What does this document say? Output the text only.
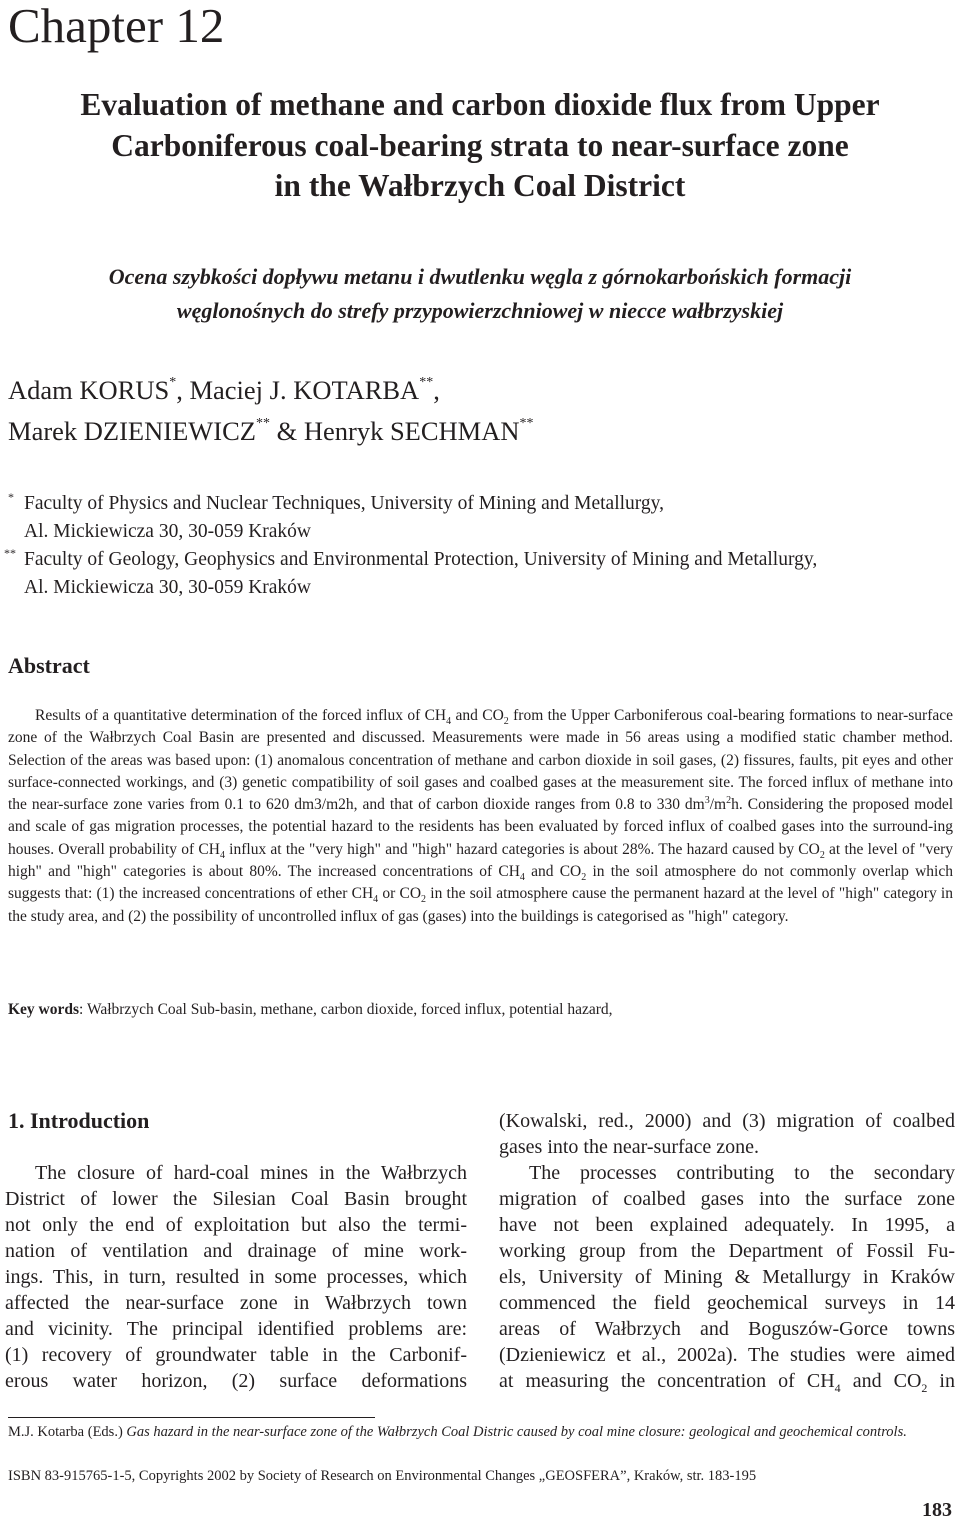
Chapter 12
Evaluation of methane and carbon dioxide flux from Upper
Carboniferous coal-bearing strata to near-surface zone
in the Wałbrzych Coal District
Ocena szybkości dopływu metanu i dwutlenku węgla z górnokarbońskich formacji
węglonośnych do strefy przypowierzchniowej w niecce wałbrzyskiej
Adam KORUS*, Maciej J. KOTARBA**,
Marek DZIENIEWICZ** & Henryk SECHMAN**
* Faculty of Physics and Nuclear Techniques, University of Mining and Metallurgy,
Al. Mickiewicza 30, 30-059 Kraków
** Faculty of Geology, Geophysics and Environmental Protection, University of Mining and Metallurgy,
Al. Mickiewicza 30, 30-059 Kraków
Abstract

Results of a quantitative determination of the forced influx of $CH_4$ and $CO_2$ from the Upper Carboniferous coal-bearing formations to near-surface zone of the Wałbrzych Coal Basin are presented and discussed. Measurements were made in 56 areas using a modified static chamber method. Selection of the areas was based upon: (1) anomalous concentration of methane and carbon dioxide in soil gases, (2) fissures, faults, pit eyes and other surface-connected workings, and (3) genetic compatibility of soil gases and coalbed gases at the measurement site. The forced influx of methane into the near-surface zone varies from 0.1 to 620 dm3/m2h, and that of carbon dioxide ranges from 0.8 to 330 $dm^3/m^2h$. Considering the proposed model and scale of gas migration processes, the potential hazard to the residents has been evaluated by forced influx of coalbed gases into the surround-ing houses. Overall probability of $CH_4$ influx at the "very high" and "high" hazard categories is about 28%. The hazard caused by $CO_2$ at the level of "very high" and "high" categories is about 80%. The increased concentrations of $CH_4$ and $CO_2$ in the soil atmosphere do not commonly overlap which suggests that: (1) the increased concentrations of ether $CH_4$ or $CO_2$ in the soil atmosphere cause the permanent hazard at the level of "high" category in the study area, and (2) the possibility of uncontrolled influx of gas (gases) into the buildings is categorised as "high" category.

Key words: Wałbrzych Coal Sub-basin, methane, carbon dioxide, forced influx, potential hazard,
1. Introduction
The closure of hard-coal mines in the Wałbrzych
District of lower the Silesian Coal Basin brought
not only the end of exploitation but also the termi-
nation of ventilation and drainage of mine work-
ings. This, in turn, resulted in some processes, which
affected the near-surface zone in Wałbrzych town
and vicinity. The principal identified problems are:
(1) recovery of groundwater table in the Carbonif-
erous water horizon, (2) surface deformations
(Kowalski, red., 2000) and (3) migration of coalbed
gases into the near-surface zone.
The processes contributing to the secondary
migration of coalbed gases into the surface zone
have not been explained adequately. In 1995, a
working group from the Department of Fossil Fu-
els, University of Mining & Metallurgy in Kraków
commenced the field geochemical surveys in 14
areas of Wałbrzych and Boguszów-Gorce towns
(Dzieniewicz et al., 2002a). The studies were aimed
at measuring the concentration of $CH_4$ and $CO_2$ in
M.J. Kotarba (Eds.) Gas hazard in the near-surface zone of the Wałbrzych Coal Distric caused by coal mine closure: geological and geochemical controls.
ISBN 83-915765-1-5, Copyrights 2002 by Society of Research on Environmental Changes „GEOSFERA”, Kraków, str. 183-195
183
